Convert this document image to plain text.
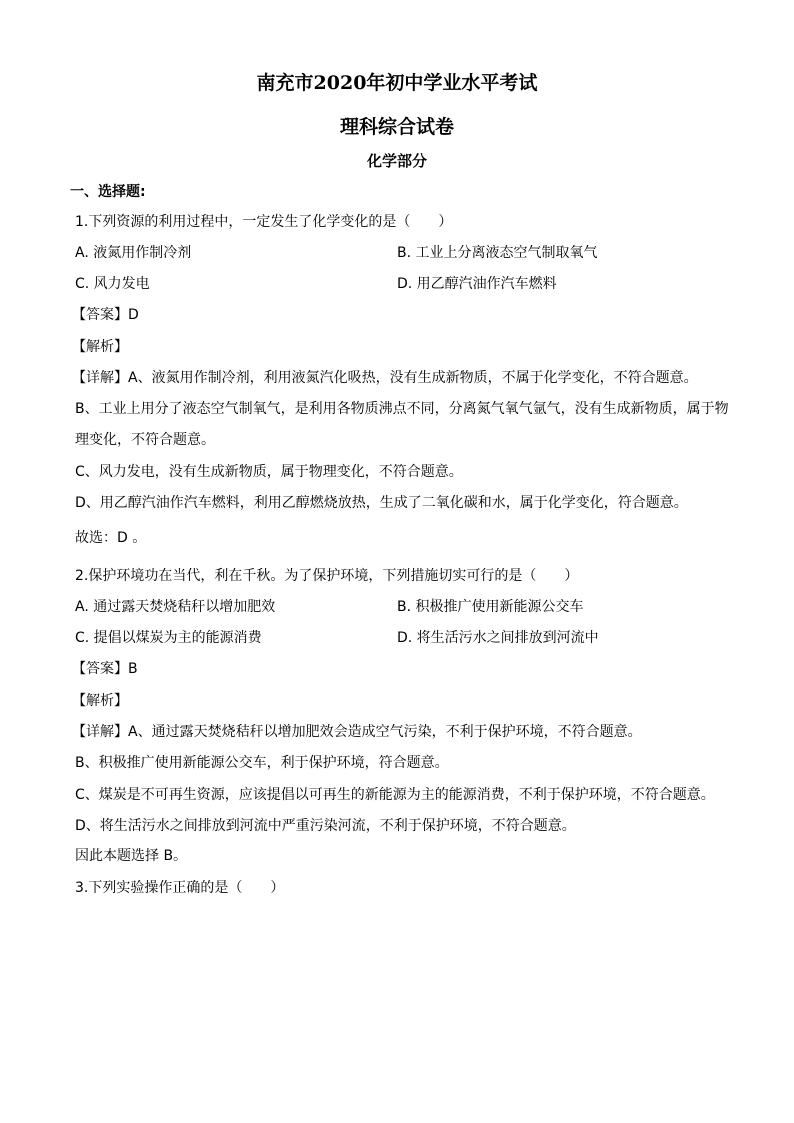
南充市2020年初中学业水平考试
理科综合试卷
化学部分
一、选择题:
1.下列资源的利用过程中，一定发生了化学变化的是（　　）
A. 液氮用作制冷剂	B. 工业上分离液态空气制取氧气
C. 风力发电	D. 用乙醇汽油作汽车燃料
【答案】D
【解析】
【详解】A、液氮用作制冷剂，利用液氮汽化吸热，没有生成新物质，不属于化学变化，不符合题意。
B、工业上用分了液态空气制氧气，是利用各物质沸点不同，分离氮气氧气氩气，没有生成新物质，属于物
理变化，不符合题意。
C、风力发电，没有生成新物质，属于物理变化，不符合题意。
D、用乙醇汽油作汽车燃料，利用乙醇燃烧放热，生成了二氧化碳和水，属于化学变化，符合题意。
故选：D 。
2.保护环境功在当代，利在千秋。为了保护环境，下列措施切实可行的是（　　）
A. 通过露天焚烧秸秆以增加肥效	B. 积极推广使用新能源公交车
C. 提倡以煤炭为主的能源消费	D. 将生活污水之间排放到河流中
【答案】B
【解析】
【详解】A、通过露天焚烧秸秆以增加肥效会造成空气污染，不利于保护环境，不符合题意。
B、积极推广使用新能源公交车，利于保护环境，符合题意。
C、煤炭是不可再生资源，应该提倡以可再生的新能源为主的能源消费，不利于保护环境，不符合题意。
D、将生活污水之间排放到河流中严重污染河流，不利于保护环境，不符合题意。
因此本题选择 B。
3.下列实验操作正确的是（　　）
